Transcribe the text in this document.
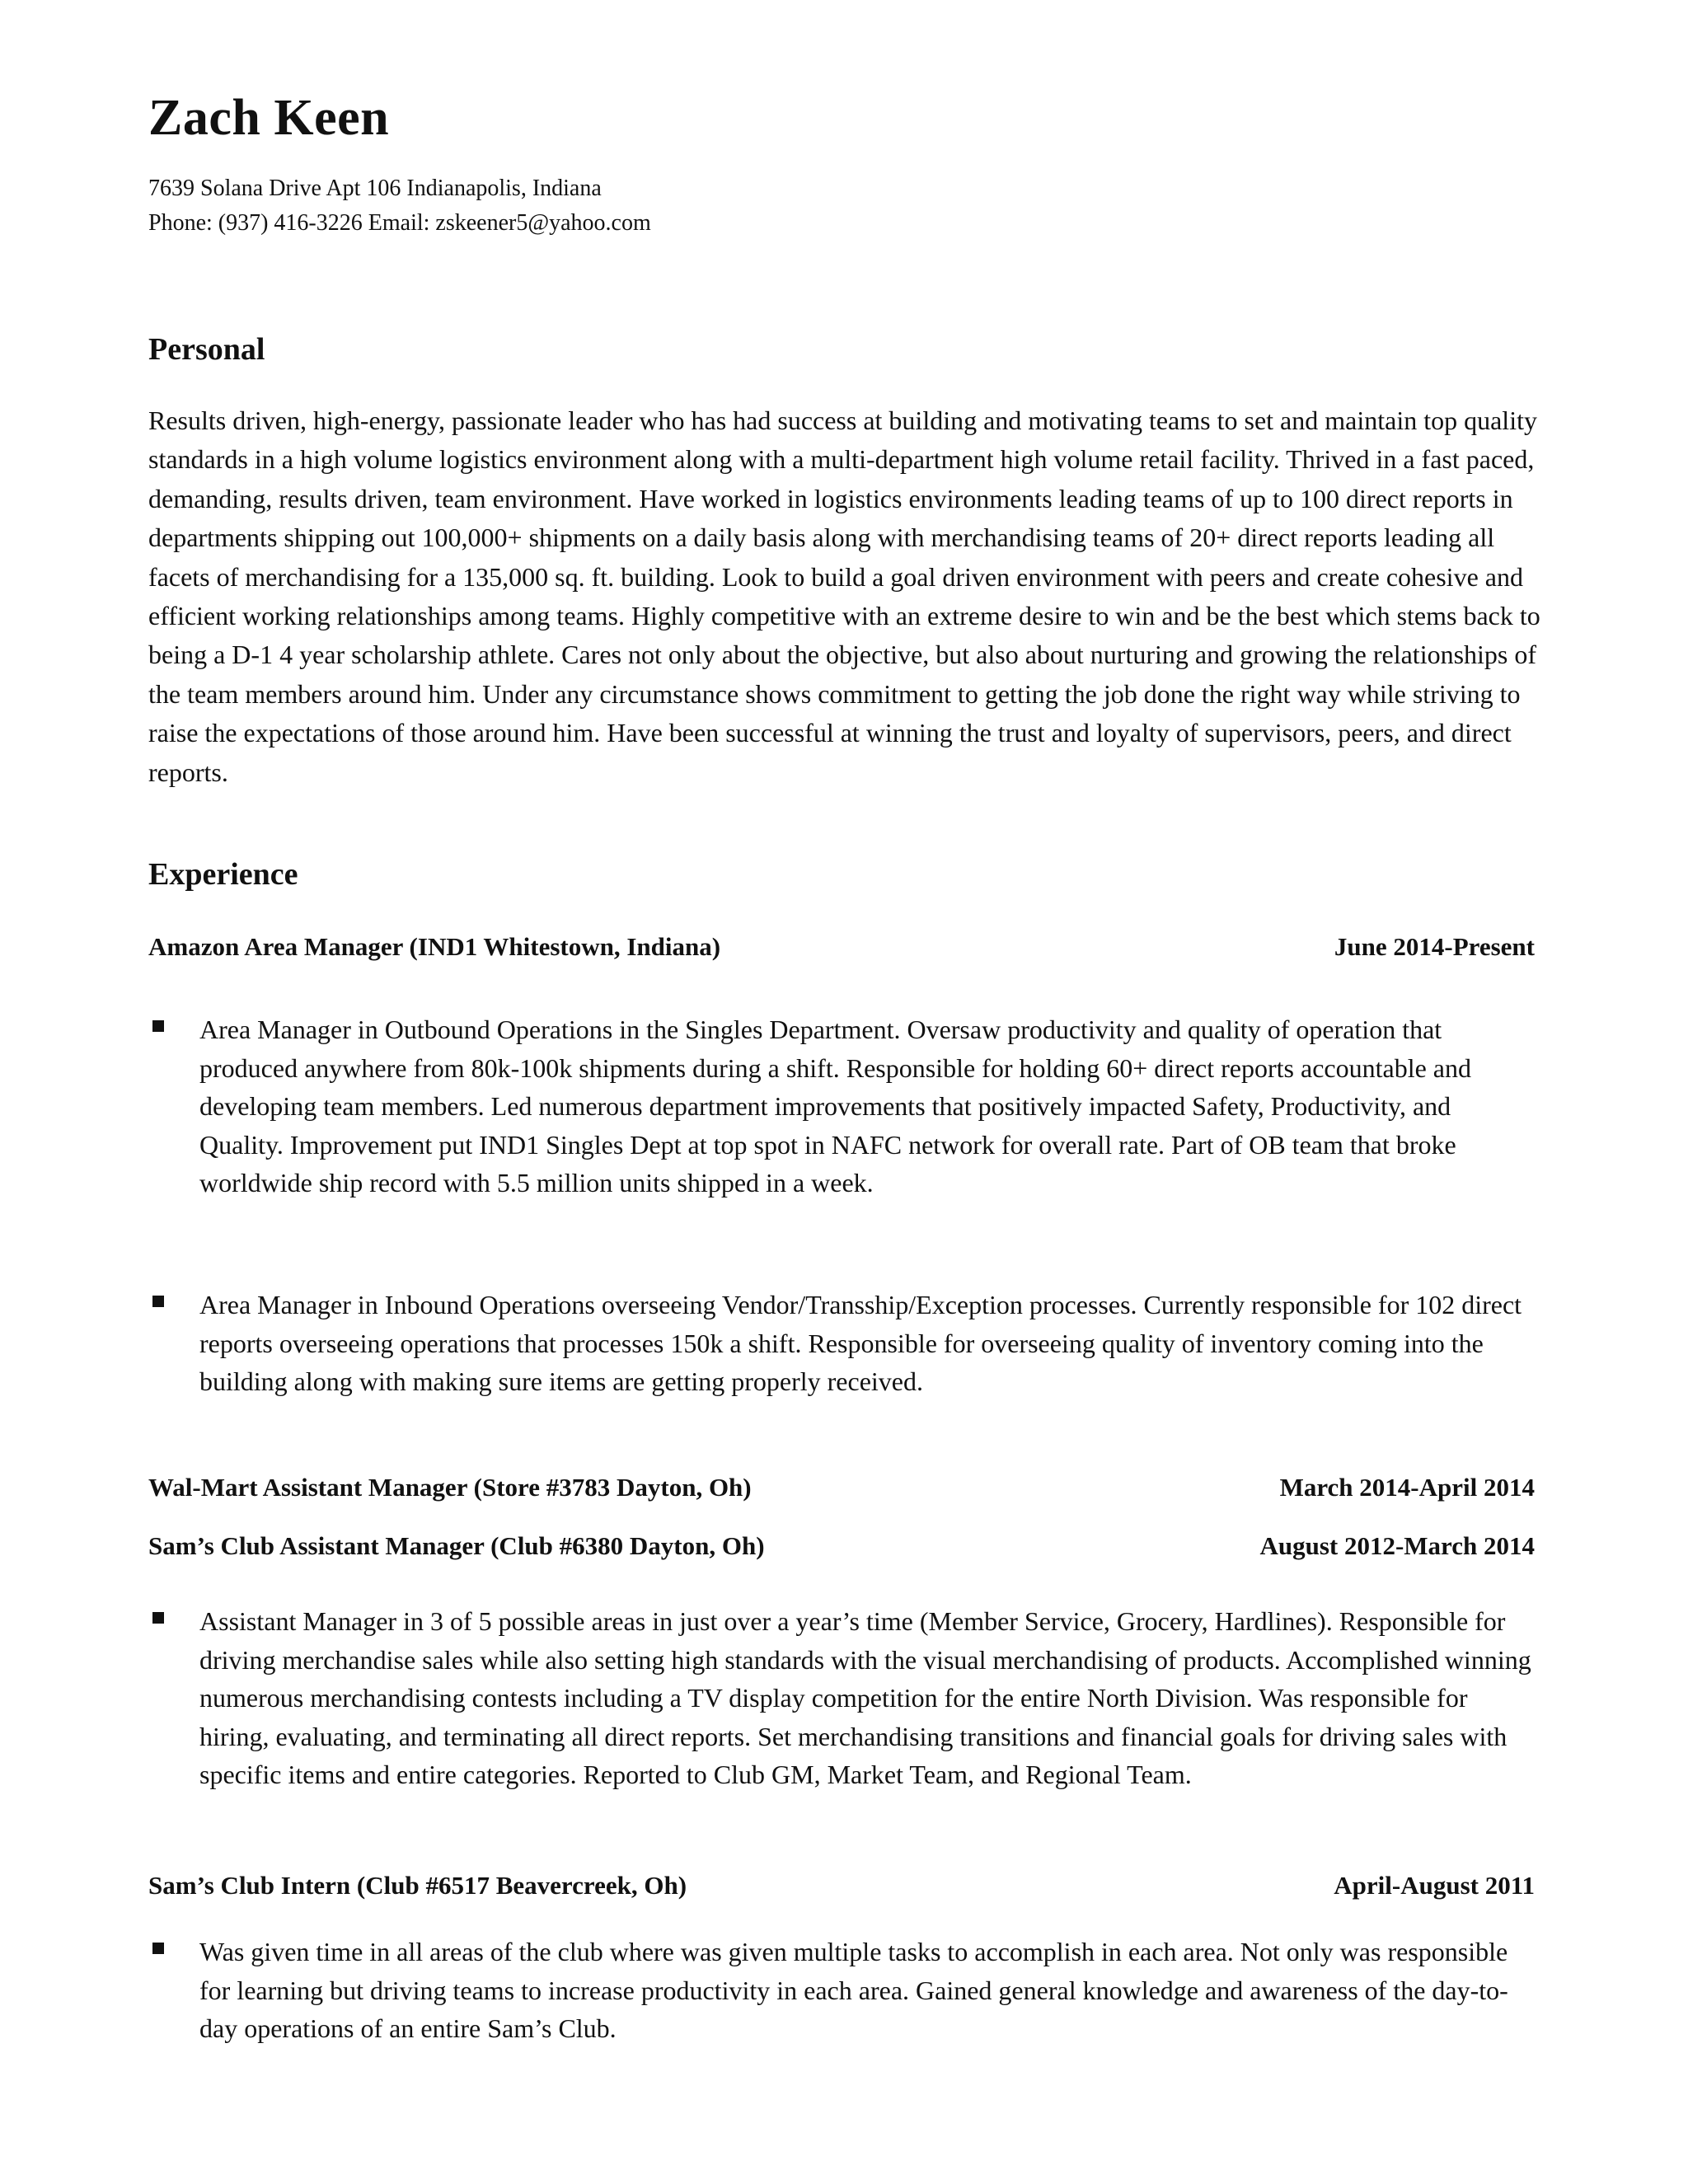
Zach Keen
7639 Solana Drive Apt 106 Indianapolis, Indiana
Phone: (937) 416-3226 Email: zskeener5@yahoo.com
Personal

Results driven, high-energy, passionate leader who has had success at building and motivating teams to set and maintain top quality standards in a high volume logistics environment along with a multi-department high volume retail facility. Thrived in a fast paced, demanding, results driven, team environment. Have worked in logistics environments leading teams of up to 100 direct reports in departments shipping out 100,000+ shipments on a daily basis along with merchandising teams of 20+ direct reports leading all facets of merchandising for a 135,000 sq. ft. building. Look to build a goal driven environment with peers and create cohesive and efficient working relationships among teams. Highly competitive with an extreme desire to win and be the best which stems back to being a D-1 4 year scholarship athlete. Cares not only about the objective, but also about nurturing and growing the relationships of the team members around him. Under any circumstance shows commitment to getting the job done the right way while striving to raise the expectations of those around him. Have been successful at winning the trust and loyalty of supervisors, peers, and direct reports.

Experience
Amazon Area Manager (IND1 Whitestown, Indiana)	June 2014-Present

Area Manager in Outbound Operations in the Singles Department. Oversaw productivity and quality of operation that produced anywhere from 80k-100k shipments during a shift. Responsible for holding 60+ direct reports accountable and developing team members. Led numerous department improvements that positively impacted Safety, Productivity, and Quality. Improvement put IND1 Singles Dept at top spot in NAFC network for overall rate. Part of OB team that broke worldwide ship record with 5.5 million units shipped in a week.

Area Manager in Inbound Operations overseeing Vendor/Transship/Exception processes. Currently responsible for 102 direct reports overseeing operations that processes 150k a shift. Responsible for overseeing quality of inventory coming into the building along with making sure items are getting properly received.

Wal-Mart Assistant Manager (Store #3783 Dayton, Oh)	March 2014-April 2014
Sam’s Club Assistant Manager (Club #6380 Dayton, Oh)	August 2012-March 2014

Assistant Manager in 3 of 5 possible areas in just over a year’s time (Member Service, Grocery, Hardlines). Responsible for driving merchandise sales while also setting high standards with the visual merchandising of products. Accomplished winning numerous merchandising contests including a TV display competition for the entire North Division. Was responsible for hiring, evaluating, and terminating all direct reports. Set merchandising transitions and financial goals for driving sales with specific items and entire categories. Reported to Club GM, Market Team, and Regional Team.

Sam’s Club Intern (Club #6517 Beavercreek, Oh)	April-August 2011

Was given time in all areas of the club where was given multiple tasks to accomplish in each area. Not only was responsible for learning but driving teams to increase productivity in each area. Gained general knowledge and awareness of the day-to-day operations of an entire Sam’s Club.
